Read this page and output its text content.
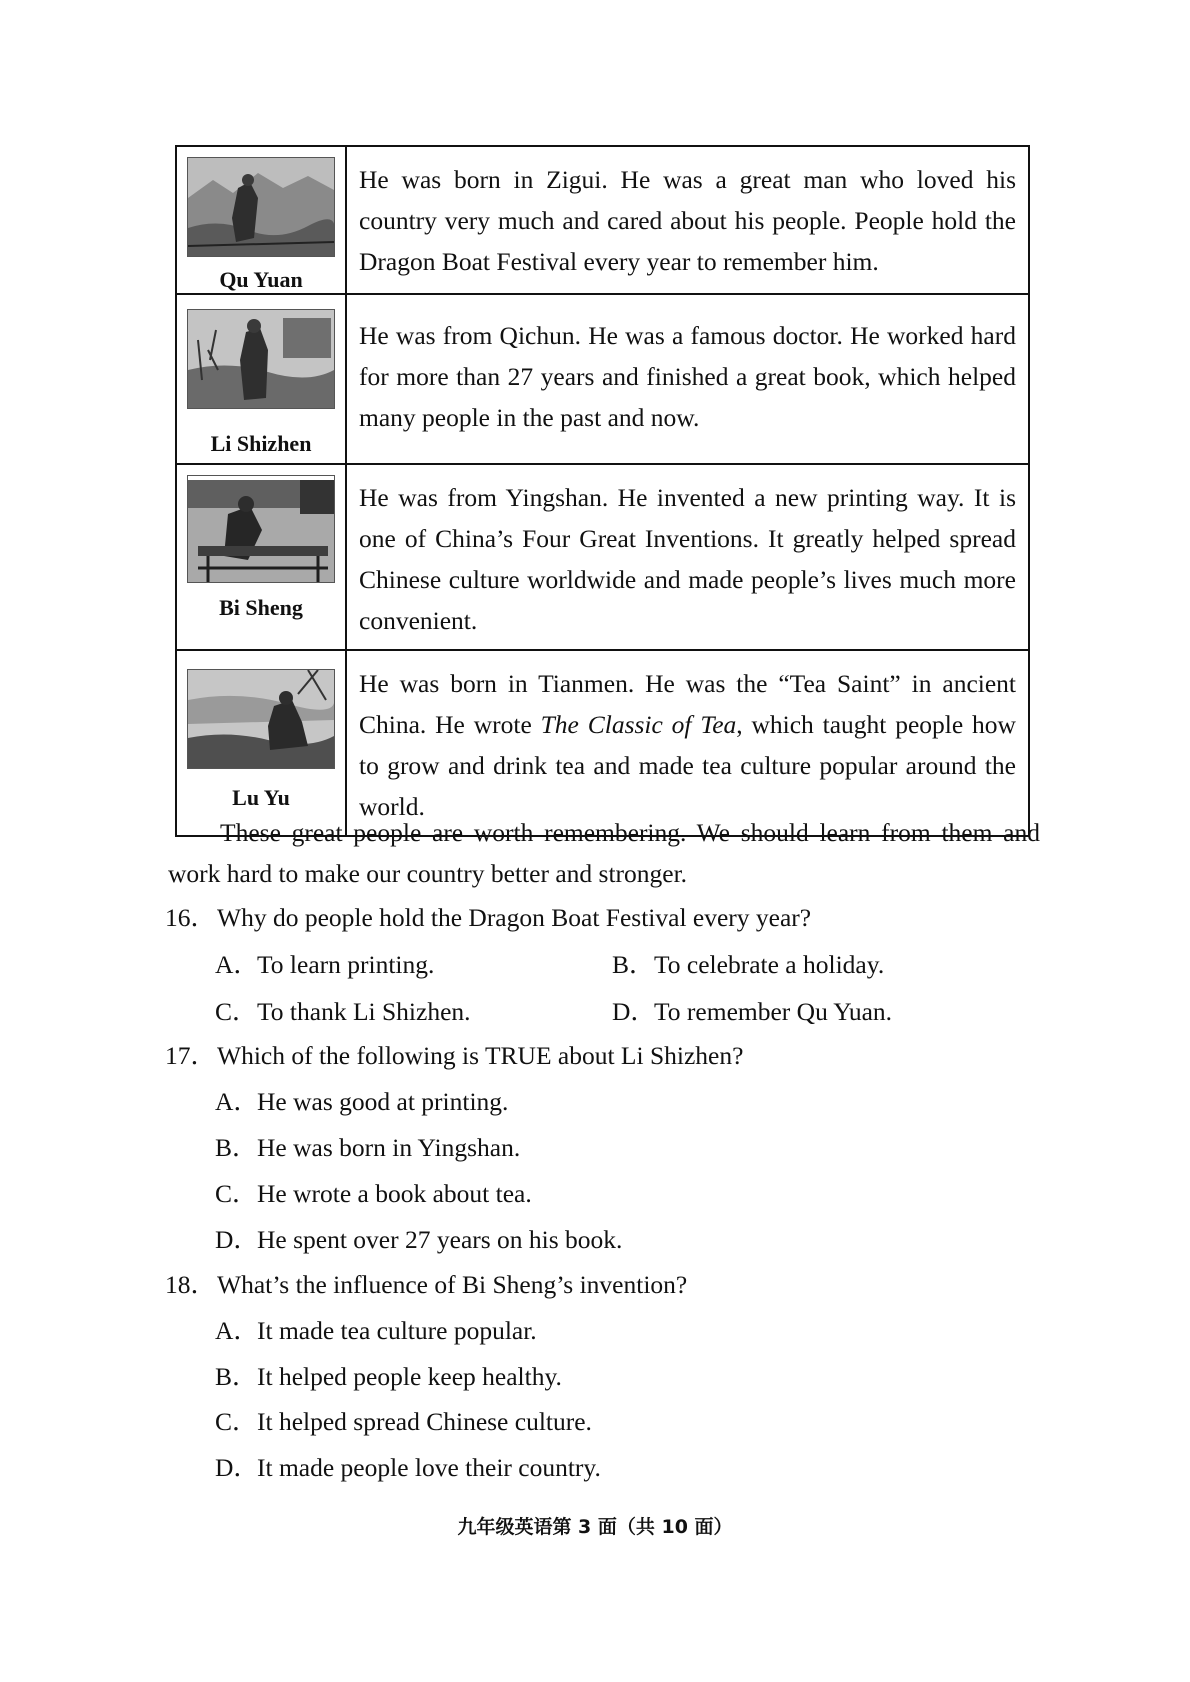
Qu Yuan	He was born in Zigui. He was a great man who loved his country very much and cared about his people. People hold the Dragon Boat Festival every year to remember him.

Li Shizhen	He was from Qichun. He was a famous doctor. He worked hard for more than 27 years and finished a great book, which helped many people in the past and now.

Bi Sheng	He was from Yingshan. He invented a new printing way. It is one of China’s Four Great Inventions. It greatly helped spread Chinese culture worldwide and made people’s lives much more convenient.

Lu Yu	He was born in Tianmen. He was the “Tea Saint” in ancient China. He wrote The Classic of Tea, which taught people how to grow and drink tea and made tea culture popular around the world.
These great people are worth remembering. We should learn from them and work hard to make our country better and stronger.
16．Why do people hold the Dragon Boat Festival every year?
A．To learn printing.	B．To celebrate a holiday.
C．To thank Li Shizhen.	D．To remember Qu Yuan.
17．Which of the following is TRUE about Li Shizhen?
A．He was good at printing.
B．He was born in Yingshan.
C．He wrote a book about tea.
D．He spent over 27 years on his book.
18．What’s the influence of Bi Sheng’s invention?
A．It made tea culture popular.
B．It helped people keep healthy.
C．It helped spread Chinese culture.
D．It made people love their country.
九年级英语第 3 面（共 10 面）
